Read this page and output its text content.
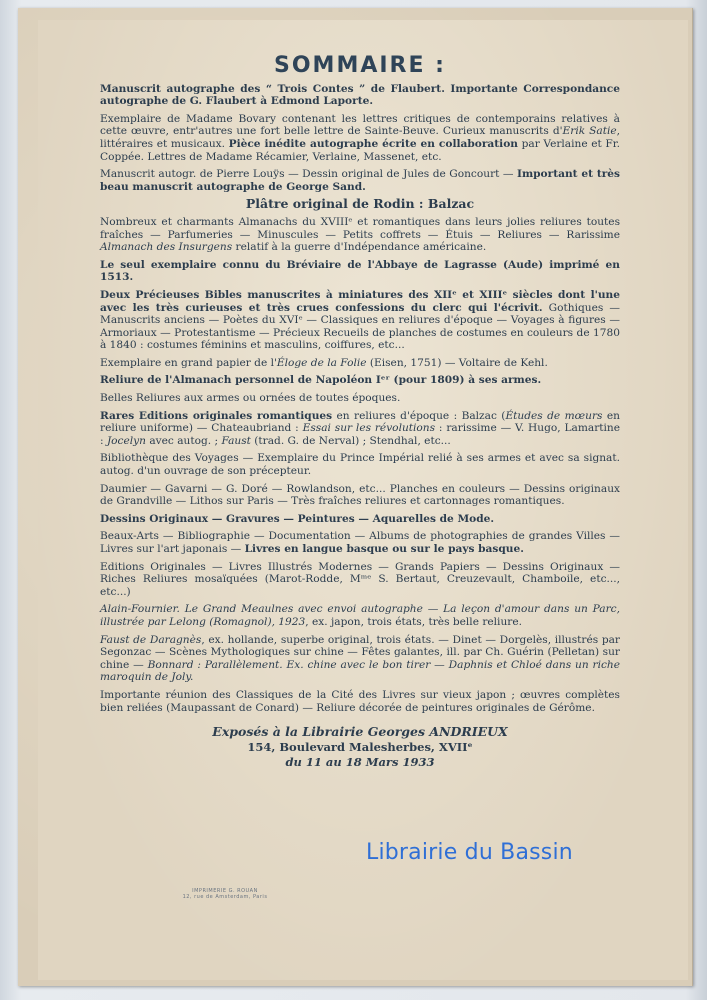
SOMMAIRE :

Manuscrit autographe des “ Trois Contes ” de Flaubert. Importante Correspondance autographe de G. Flaubert à Edmond Laporte.

Exemplaire de Madame Bovary contenant les lettres critiques de contemporains relatives à cette œuvre, entr'autres une fort belle lettre de Sainte-Beuve. Curieux manuscrits d'Erik Satie, littéraires et musicaux. Pièce inédite autographe écrite en collaboration par Verlaine et Fr. Coppée. Lettres de Madame Récamier, Verlaine, Massenet, etc.

Manuscrit autogr. de Pierre Louÿs — Dessin original de Jules de Goncourt — Important et très beau manuscrit autographe de George Sand.

Plâtre original de Rodin : Balzac

Nombreux et charmants Almanachs du XVIIIᵉ et romantiques dans leurs jolies reliures toutes fraîches — Parfumeries — Minuscules — Petits coffrets — Étuis — Reliures — Rarissime Almanach des Insurgens relatif à la guerre d'Indépendance américaine.

Le seul exemplaire connu du Bréviaire de l'Abbaye de Lagrasse (Aude) imprimé en 1513.

Deux Précieuses Bibles manuscrites à miniatures des XIIᵉ et XIIIᵉ siècles dont l'une avec les très curieuses et très crues confessions du clerc qui l'écrivit. Gothiques — Manuscrits anciens — Poètes du XVIᵉ — Classiques en reliures d'époque — Voyages à figures — Armoriaux — Protestantisme — Précieux Recueils de planches de costumes en couleurs de 1780 à 1840 : costumes féminins et masculins, coiffures, etc...

Exemplaire en grand papier de l'Éloge de la Folie (Eisen, 1751) — Voltaire de Kehl.

Reliure de l'Almanach personnel de Napoléon Iᵉʳ (pour 1809) à ses armes.

Belles Reliures aux armes ou ornées de toutes époques.

Rares Editions originales romantiques en reliures d'époque : Balzac (Études de mœurs en reliure uniforme) — Chateaubriand : Essai sur les révolutions : rarissime — V. Hugo, Lamartine : Jocelyn avec autog. ; Faust (trad. G. de Nerval) ; Stendhal, etc...

Bibliothèque des Voyages — Exemplaire du Prince Impérial relié à ses armes et avec sa signat. autog. d'un ouvrage de son précepteur.

Daumier — Gavarni — G. Doré — Rowlandson, etc... Planches en couleurs — Dessins originaux de Grandville — Lithos sur Paris — Très fraîches reliures et cartonnages romantiques.

Dessins Originaux — Gravures — Peintures — Aquarelles de Mode.

Beaux-Arts — Bibliographie — Documentation — Albums de photographies de grandes Villes — Livres sur l'art japonais — Livres en langue basque ou sur le pays basque.

Editions Originales — Livres Illustrés Modernes — Grands Papiers — Dessins Originaux — Riches Reliures mosaïquées (Marot-Rodde, Mᵐᵉ S. Bertaut, Creuzevault, Chamboile, etc..., etc...)

Alain-Fournier. Le Grand Meaulnes avec envoi autographe — La leçon d'amour dans un Parc, illustrée par Lelong (Romagnol), 1923, ex. japon, trois états, très belle reliure.

Faust de Daragnès, ex. hollande, superbe original, trois états. — Dinet — Dorgelès, illustrés par Segonzac — Scènes Mythologiques sur chine — Fêtes galantes, ill. par Ch. Guérin (Pelletan) sur chine — Bonnard : Parallèlement. Ex. chine avec le bon tirer — Daphnis et Chloé dans un riche maroquin de Joly.

Importante réunion des Classiques de la Cité des Livres sur vieux japon ; œuvres complètes bien reliées (Maupassant de Conard) — Reliure décorée de peintures originales de Gérôme.

Exposés à la Librairie Georges ANDRIEUX
154, Boulevard Malesherbes, XVIIᵉ
du 11 au 18 Mars 1933
IMPRIMERIE G. ROUAN
12, rue de Amsterdam, Paris
Librairie du Bassin
